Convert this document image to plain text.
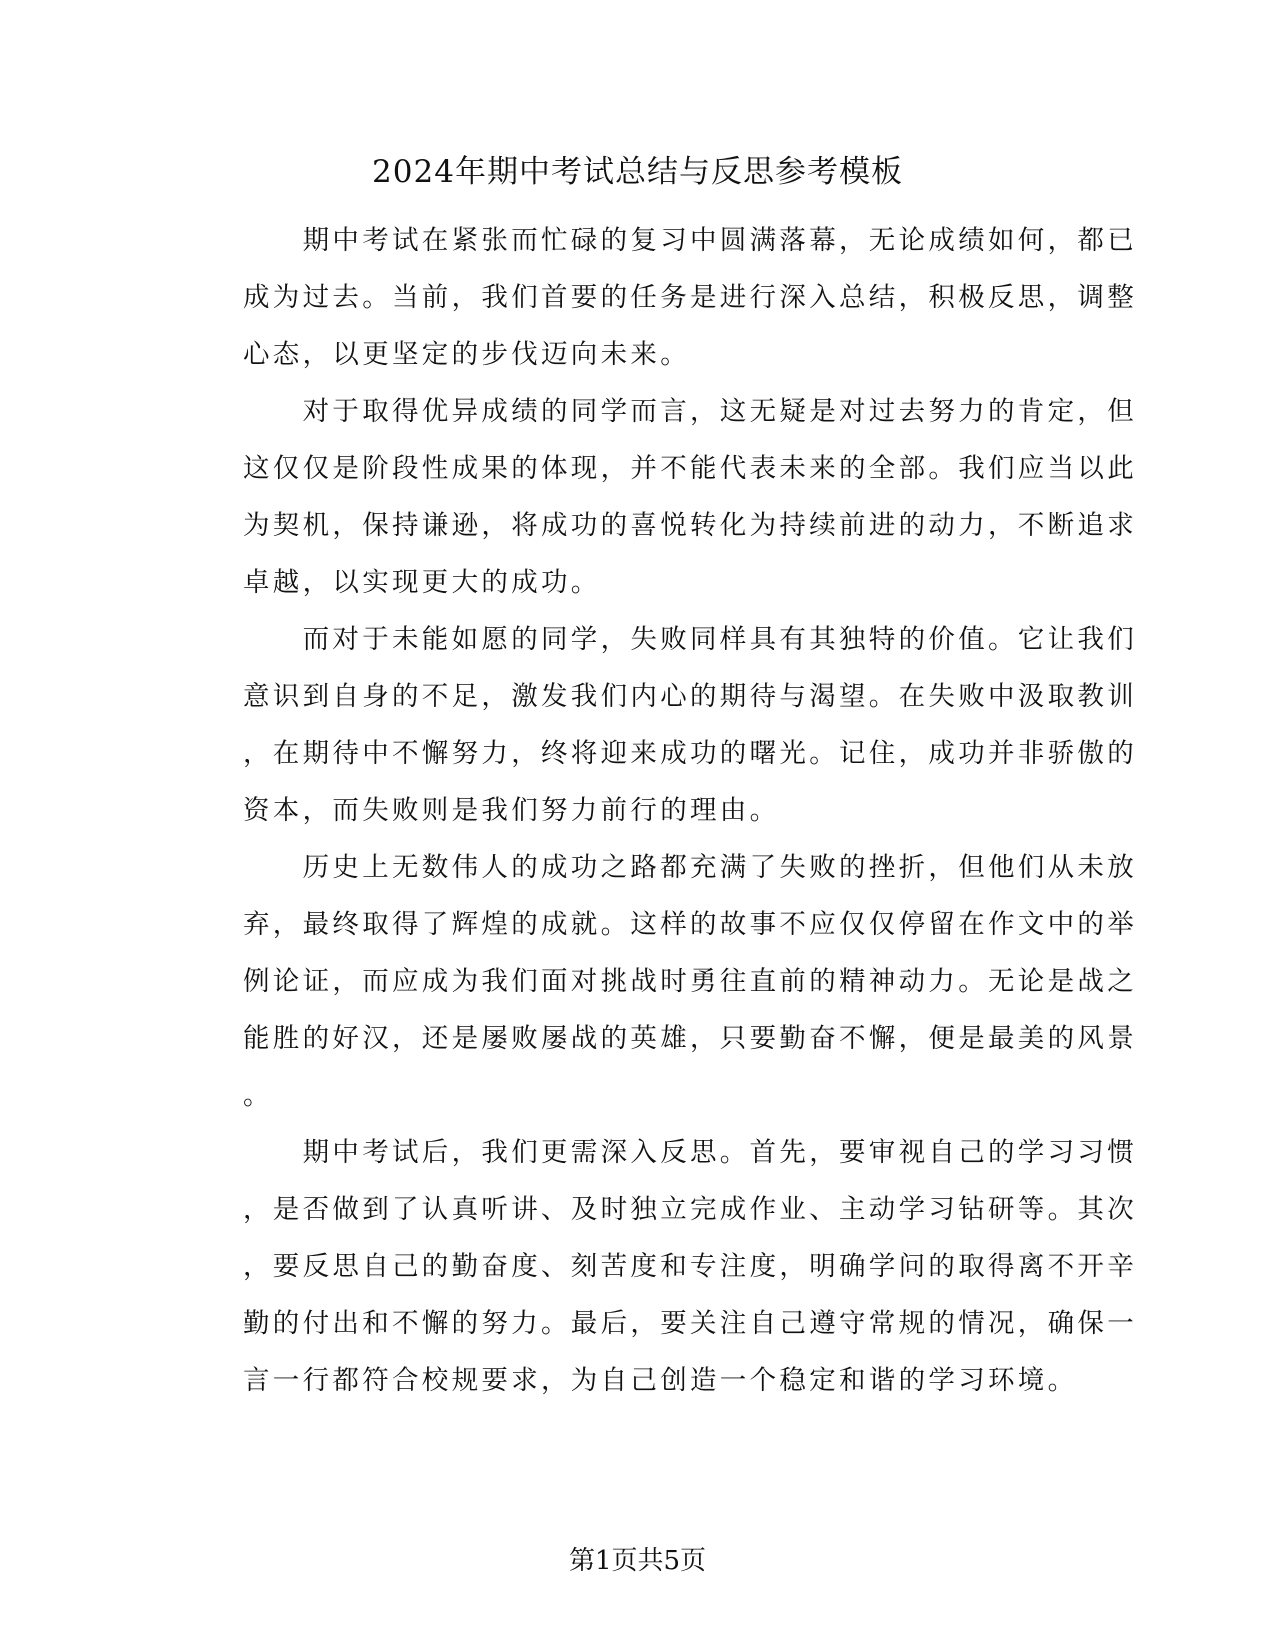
2024年期中考试总结与反思参考模板
　　期中考试在紧张而忙碌的复习中圆满落幕，无论成绩如何，都已
成为过去。当前，我们首要的任务是进行深入总结，积极反思，调整
心态，以更坚定的步伐迈向未来。
　　对于取得优异成绩的同学而言，这无疑是对过去努力的肯定，但
这仅仅是阶段性成果的体现，并不能代表未来的全部。我们应当以此
为契机，保持谦逊，将成功的喜悦转化为持续前进的动力，不断追求
卓越，以实现更大的成功。
　　而对于未能如愿的同学，失败同样具有其独特的价值。它让我们
意识到自身的不足，激发我们内心的期待与渴望。在失败中汲取教训
，在期待中不懈努力，终将迎来成功的曙光。记住，成功并非骄傲的
资本，而失败则是我们努力前行的理由。
　　历史上无数伟人的成功之路都充满了失败的挫折，但他们从未放
弃，最终取得了辉煌的成就。这样的故事不应仅仅停留在作文中的举
例论证，而应成为我们面对挑战时勇往直前的精神动力。无论是战之
能胜的好汉，还是屡败屡战的英雄，只要勤奋不懈，便是最美的风景
。
　　期中考试后，我们更需深入反思。首先，要审视自己的学习习惯
，是否做到了认真听讲、及时独立完成作业、主动学习钻研等。其次
，要反思自己的勤奋度、刻苦度和专注度，明确学问的取得离不开辛
勤的付出和不懈的努力。最后，要关注自己遵守常规的情况，确保一
言一行都符合校规要求，为自己创造一个稳定和谐的学习环境。
第1页共5页
